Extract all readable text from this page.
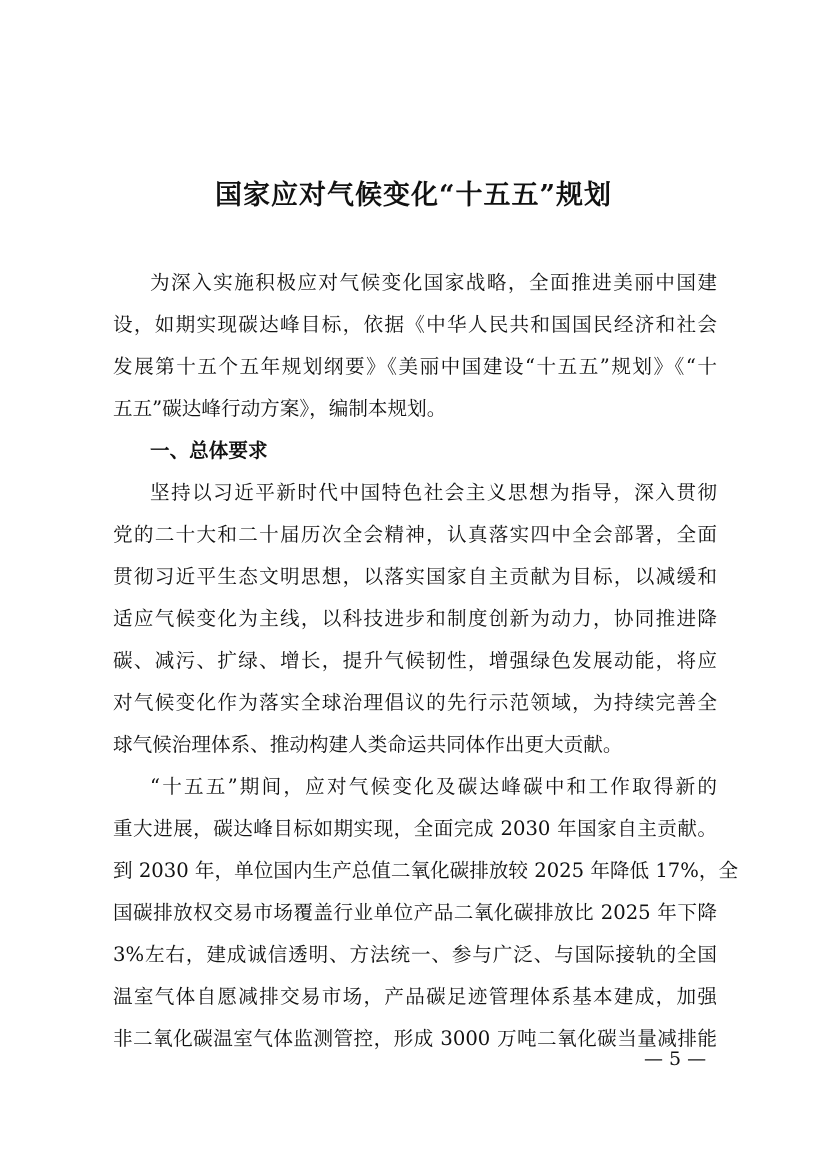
国家应对气候变化“十五五”规划
为深入实施积极应对气候变化国家战略，全面推进美丽中国建
设，如期实现碳达峰目标，依据《中华人民共和国国民经济和社会
发展第十五个五年规划纲要》《美丽中国建设“十五五”规划》《“十
五五”碳达峰行动方案》，编制本规划。
一、总体要求
坚持以习近平新时代中国特色社会主义思想为指导，深入贯彻
党的二十大和二十届历次全会精神，认真落实四中全会部署，全面
贯彻习近平生态文明思想，以落实国家自主贡献为目标，以减缓和
适应气候变化为主线，以科技进步和制度创新为动力，协同推进降
碳、减污、扩绿、增长，提升气候韧性，增强绿色发展动能，将应
对气候变化作为落实全球治理倡议的先行示范领域，为持续完善全
球气候治理体系、推动构建人类命运共同体作出更大贡献。
“十五五”期间，应对气候变化及碳达峰碳中和工作取得新的
重大进展，碳达峰目标如期实现，全面完成 2030 年国家自主贡献。
到 2030 年，单位国内生产总值二氧化碳排放较 2025 年降低 17%，全
国碳排放权交易市场覆盖行业单位产品二氧化碳排放比 2025 年下降
3%左右，建成诚信透明、方法统一、参与广泛、与国际接轨的全国
温室气体自愿减排交易市场，产品碳足迹管理体系基本建成，加强
非二氧化碳温室气体监测管控，形成 3000 万吨二氧化碳当量减排能
— 5 —
